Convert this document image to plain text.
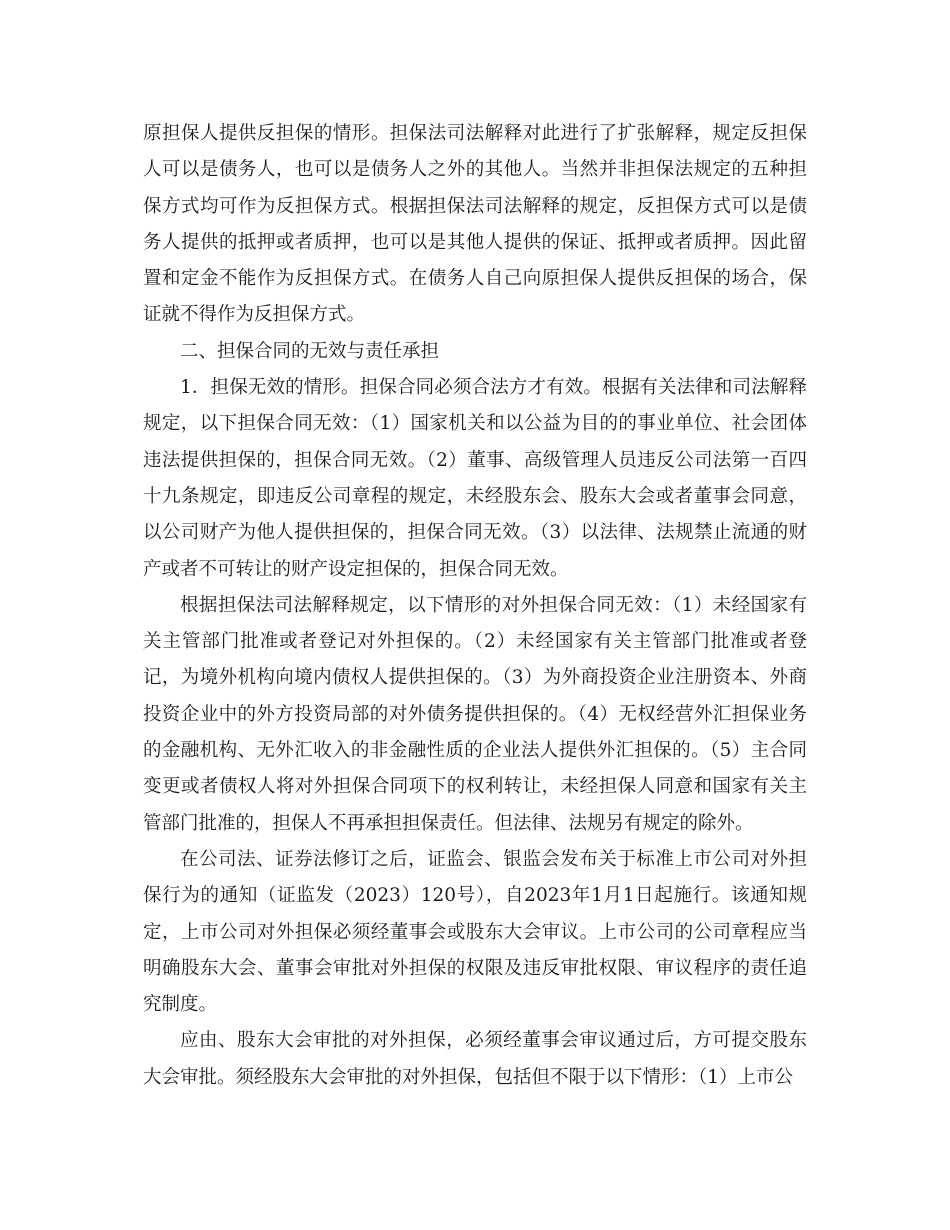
原担保人提供反担保的情形。担保法司法解释对此进行了扩张解释，规定反担保人可以是债务人，也可以是债务人之外的其他人。当然并非担保法规定的五种担保方式均可作为反担保方式。根据担保法司法解释的规定，反担保方式可以是债务人提供的抵押或者质押，也可以是其他人提供的保证、抵押或者质押。因此留置和定金不能作为反担保方式。在债务人自己向原担保人提供反担保的场合，保证就不得作为反担保方式。

二、担保合同的无效与责任承担

1．担保无效的情形。担保合同必须合法方才有效。根据有关法律和司法解释规定，以下担保合同无效：（1）国家机关和以公益为目的的事业单位、社会团体违法提供担保的，担保合同无效。（2）董事、高级管理人员违反公司法第一百四十九条规定，即违反公司章程的规定，未经股东会、股东大会或者董事会同意，以公司财产为他人提供担保的，担保合同无效。（3）以法律、法规禁止流通的财产或者不可转让的财产设定担保的，担保合同无效。

根据担保法司法解释规定，以下情形的对外担保合同无效：（1）未经国家有关主管部门批准或者登记对外担保的。（2）未经国家有关主管部门批准或者登记，为境外机构向境内债权人提供担保的。（3）为外商投资企业注册资本、外商投资企业中的外方投资局部的对外债务提供担保的。（4）无权经营外汇担保业务的金融机构、无外汇收入的非金融性质的企业法人提供外汇担保的。（5）主合同变更或者债权人将对外担保合同项下的权利转让，未经担保人同意和国家有关主管部门批准的，担保人不再承担担保责任。但法律、法规另有规定的除外。

在公司法、证券法修订之后，证监会、银监会发布关于标准上市公司对外担保行为的通知（证监发（2023）120号），自2023年1月1日起施行。该通知规定，上市公司对外担保必须经董事会或股东大会审议。上市公司的公司章程应当明确股东大会、董事会审批对外担保的权限及违反审批权限、审议程序的责任追究制度。

应由、股东大会审批的对外担保，必须经董事会审议通过后，方可提交股东大会审批。须经股东大会审批的对外担保，包括但不限于以下情形：（1）上市公
